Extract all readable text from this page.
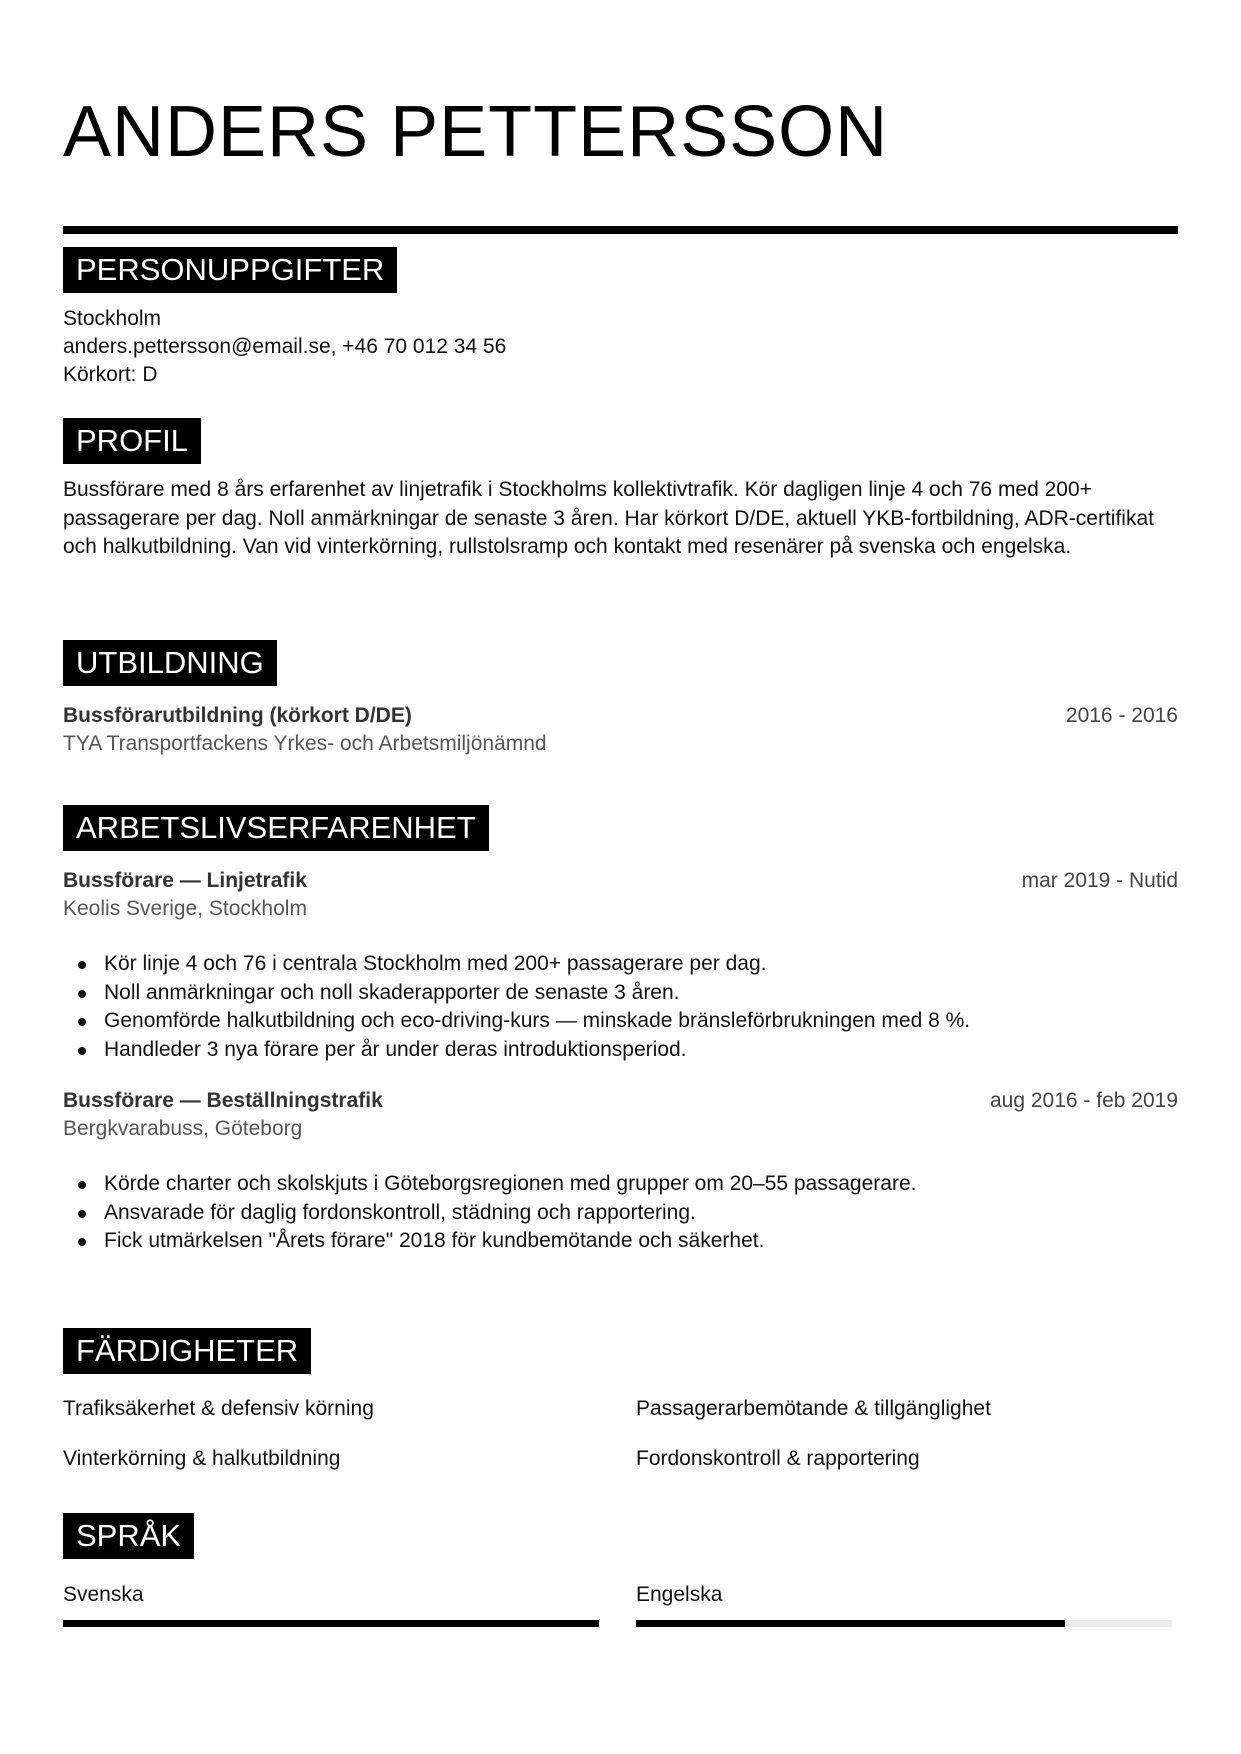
ANDERS PETTERSSON
PERSONUPPGIFTER
Stockholm
anders.pettersson@email.se, +46 70 012 34 56
Körkort: D
PROFIL
Bussförare med 8 års erfarenhet av linjetrafik i Stockholms kollektivtrafik. Kör dagligen linje 4 och 76 med 200+ passagerare per dag. Noll anmärkningar de senaste 3 åren. Har körkort D/DE, aktuell YKB-fortbildning, ADR-certifikat och halkutbildning. Van vid vinterkörning, rullstolsramp och kontakt med resenärer på svenska och engelska.
UTBILDNING
Bussförarutbildning (körkort D/DE)	2016 - 2016
TYA Transportfackens Yrkes- och Arbetsmiljönämnd
ARBETSLIVSERFARENHET
Bussförare — Linjetrafik	mar 2019 - Nutid
Keolis Sverige, Stockholm
Kör linje 4 och 76 i centrala Stockholm med 200+ passagerare per dag.
Noll anmärkningar och noll skaderapporter de senaste 3 åren.
Genomförde halkutbildning och eco-driving-kurs — minskade bränsleförbrukningen med 8 %.
Handleder 3 nya förare per år under deras introduktionsperiod.
Bussförare — Beställningstrafik	aug 2016 - feb 2019
Bergkvarabuss, Göteborg
Körde charter och skolskjuts i Göteborgsregionen med grupper om 20–55 passagerare.
Ansvarade för daglig fordonskontroll, städning och rapportering.
Fick utmärkelsen "Årets förare" 2018 för kundbemötande och säkerhet.
FÄRDIGHETER
Trafiksäkerhet & defensiv körning	Passagerarbemötande & tillgänglighet
Vinterkörning & halkutbildning	Fordonskontroll & rapportering
SPRÅK
Svenska	Engelska
